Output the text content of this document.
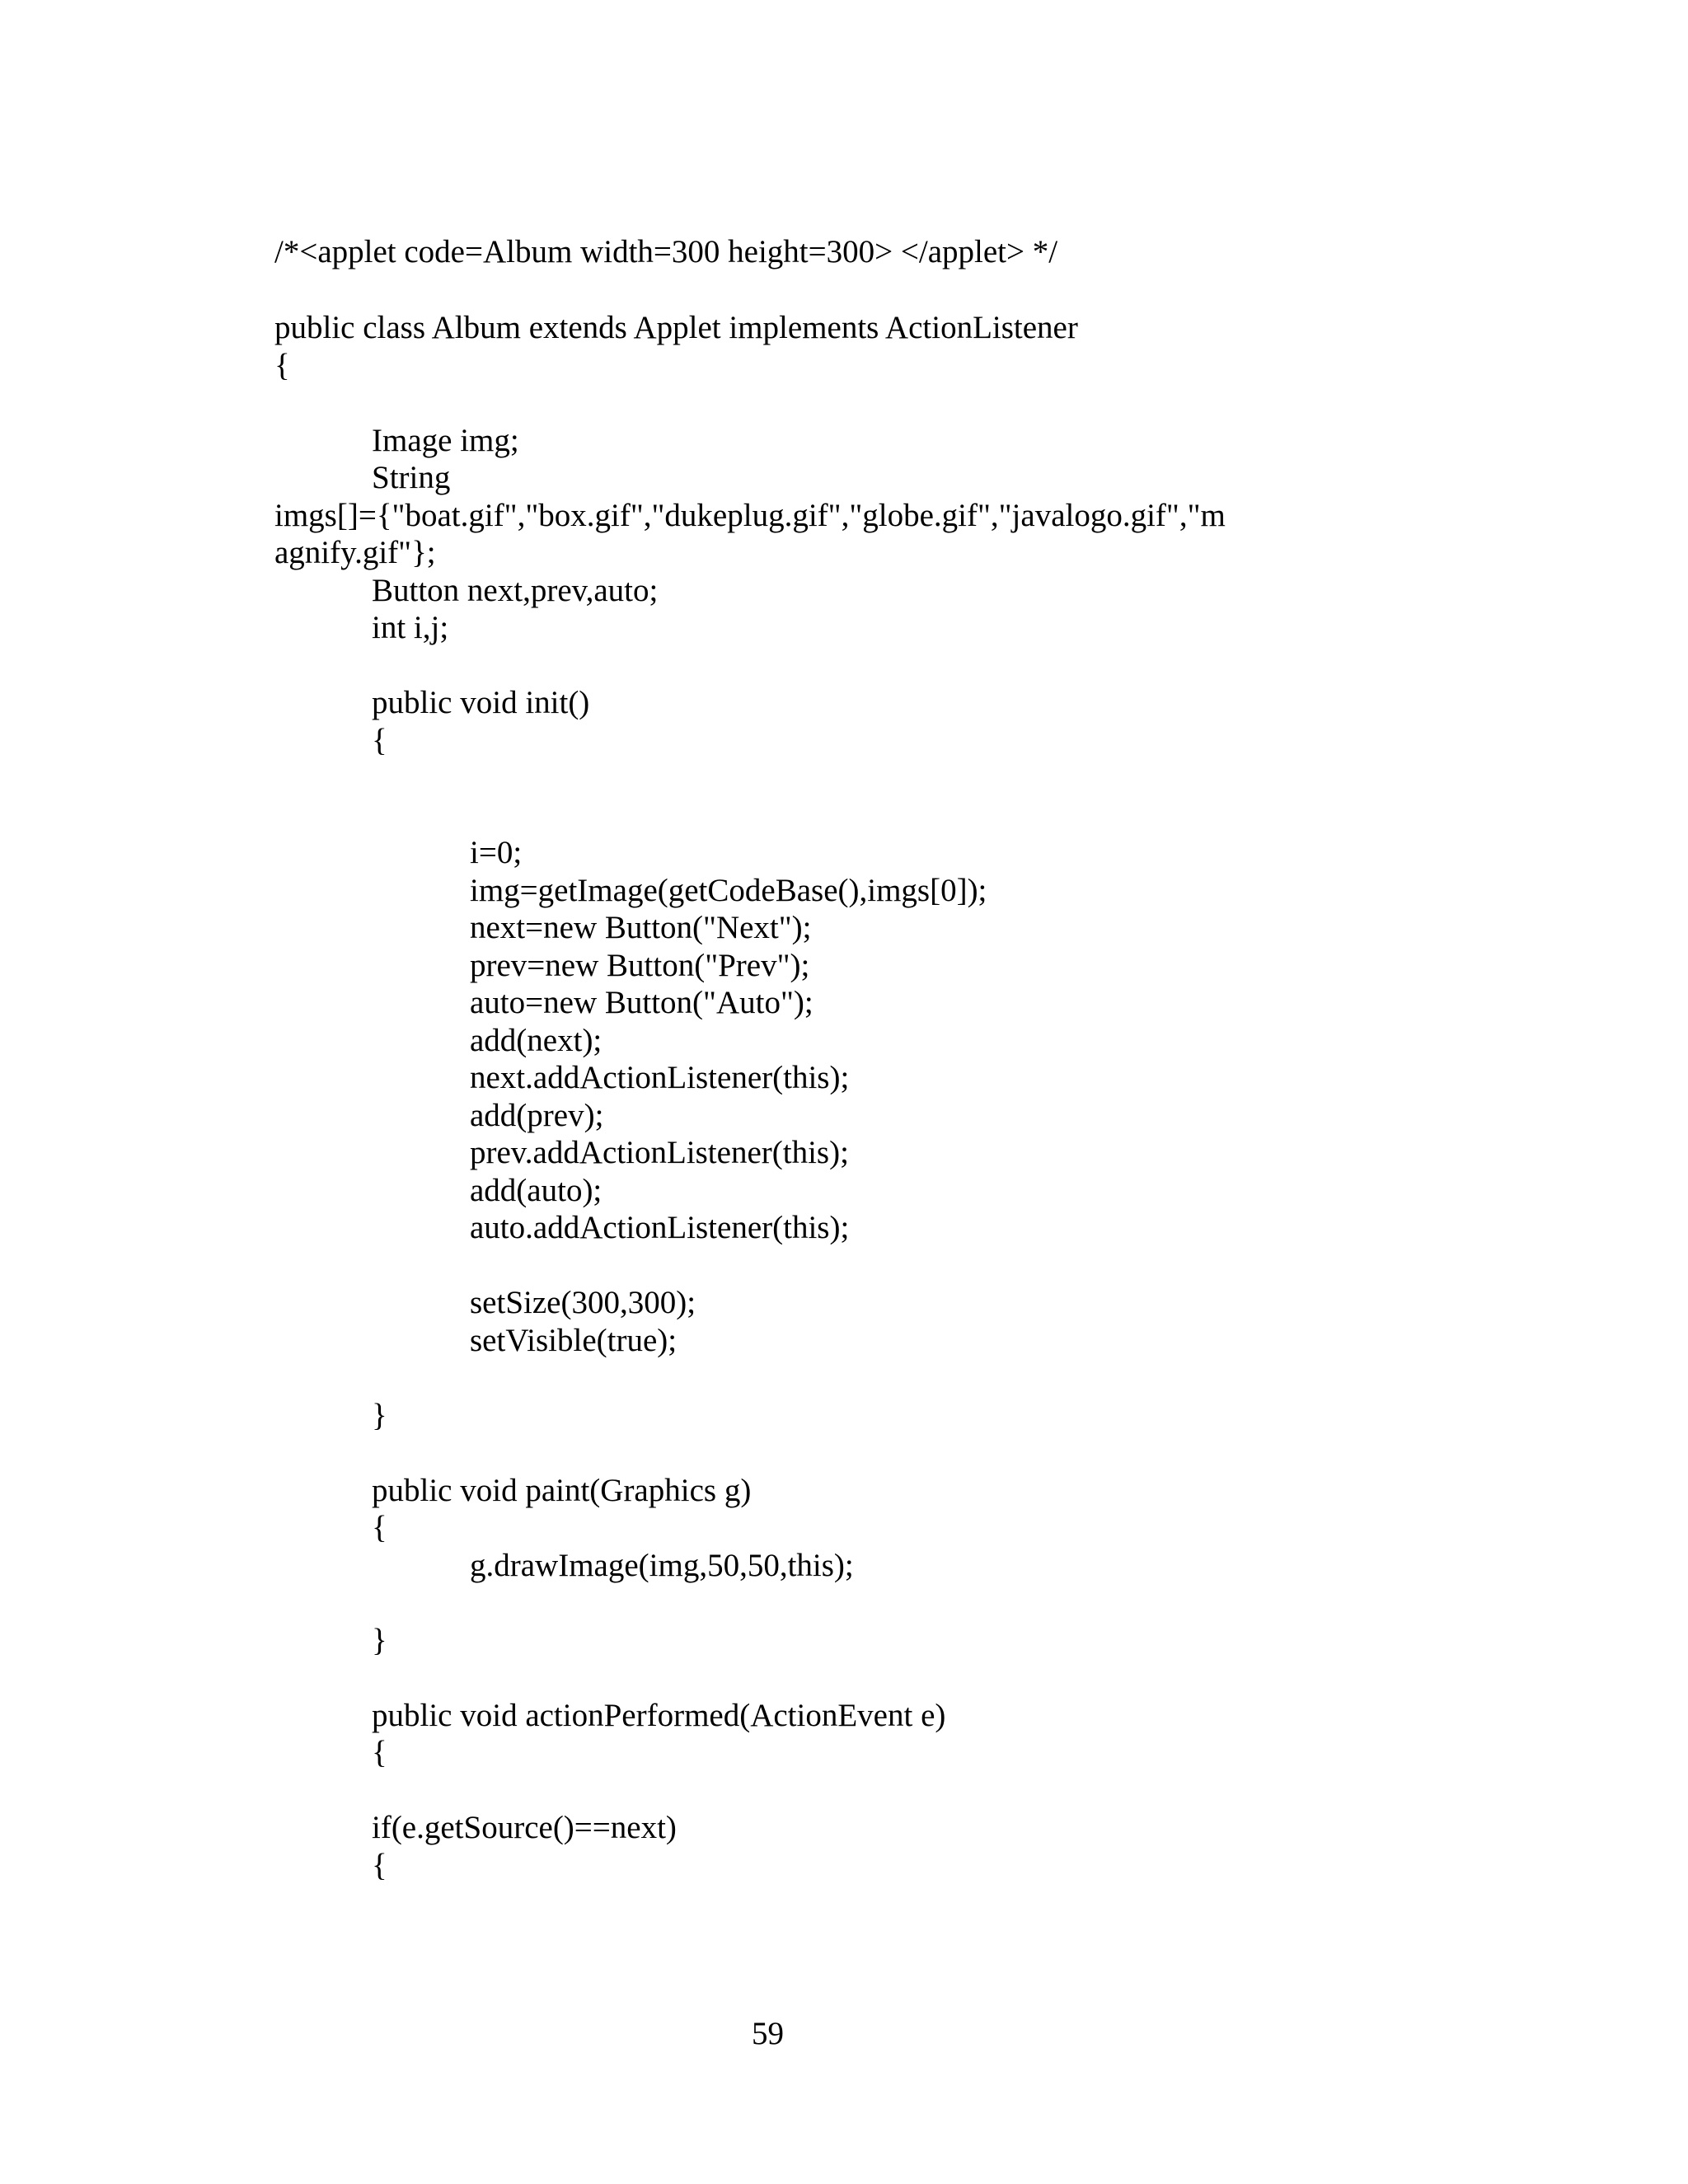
/*<applet code=Album width=300 height=300> </applet> */
public class Album extends Applet implements ActionListener
{
Image img;
String
imgs[]={"boat.gif","box.gif","dukeplug.gif","globe.gif","javalogo.gif","m
agnify.gif"};
Button next,prev,auto;
int i,j;
public void init()
{
i=0;
img=getImage(getCodeBase(),imgs[0]);
next=new Button("Next");
prev=new Button("Prev");
auto=new Button("Auto");
add(next);
next.addActionListener(this);
add(prev);
prev.addActionListener(this);
add(auto);
auto.addActionListener(this);
setSize(300,300);
setVisible(true);
}
public void paint(Graphics g)
{
g.drawImage(img,50,50,this);
}
public void actionPerformed(ActionEvent e)
{
if(e.getSource()==next)
{
59
